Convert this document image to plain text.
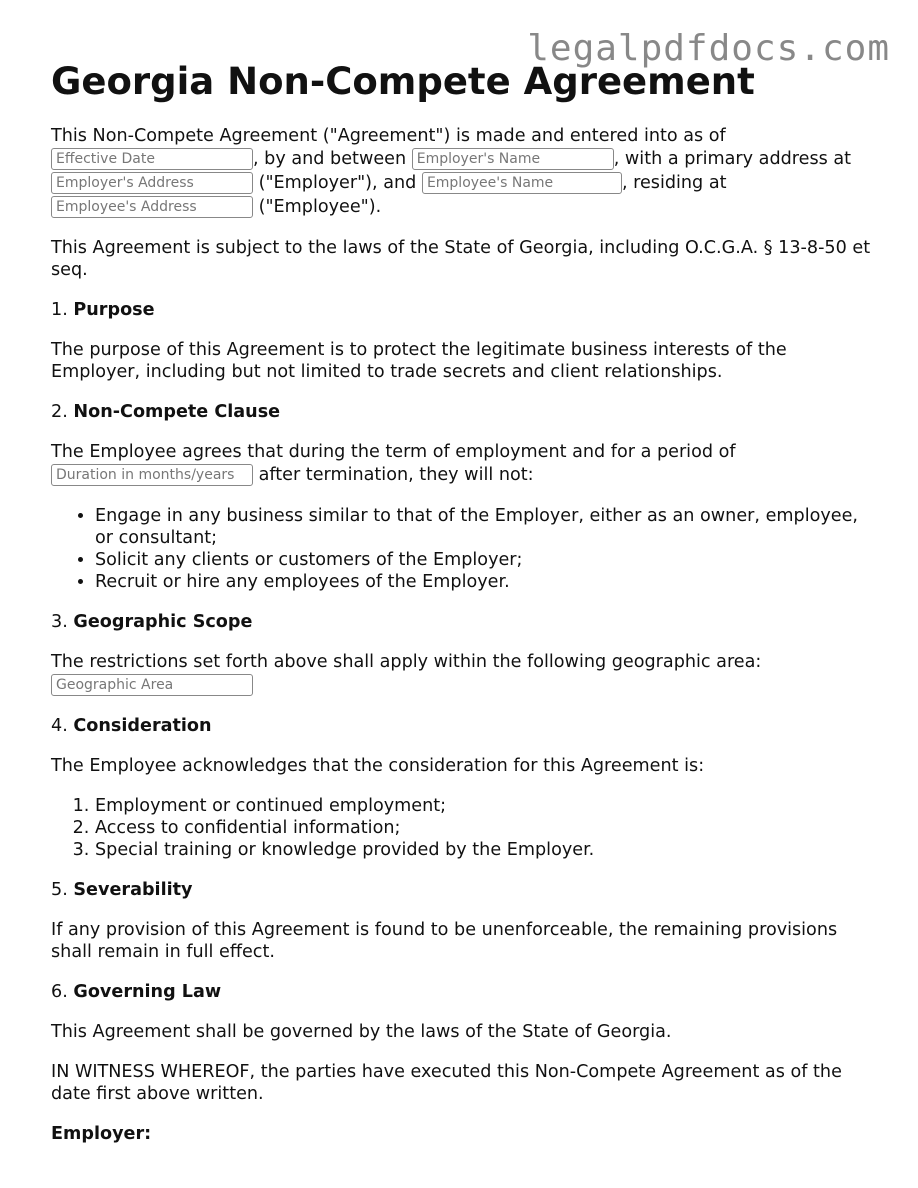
legalpdfdocs.com
Georgia Non-Compete Agreement

This Non-Compete Agreement ("Agreement") is made and entered into as of
Effective Date, by and between Employer's Name	, with a primary address at
Employer's Address ("Employer"), and Employee's Name	, residing at
Employee's Address ("Employee").

This Agreement is subject to the laws of the State of Georgia, including O.C.G.A. § 13-8-50 et seq.

1. Purpose

The purpose of this Agreement is to protect the legitimate business interests of the Employer, including but not limited to trade secrets and client relationships.

2. Non-Compete Clause

The Employee agrees that during the term of employment and for a period of
Duration in months/years after termination, they will not:

• Engage in any business similar to that of the Employer, either as an owner, employee, or consultant;
• Solicit any clients or customers of the Employer;
• Recruit or hire any employees of the Employer.
3. Geographic Scope

The restrictions set forth above shall apply within the following geographic area:
Geographic Area

4. Consideration

The Employee acknowledges that the consideration for this Agreement is:

1. Employment or continued employment;
2. Access to confidential information;
3. Special training or knowledge provided by the Employer.
5. Severability

If any provision of this Agreement is found to be unenforceable, the remaining provisions shall remain in full effect.

6. Governing Law

This Agreement shall be governed by the laws of the State of Georgia.

IN WITNESS WHEREOF, the parties have executed this Non-Compete Agreement as of the date first above written.

Employer:
